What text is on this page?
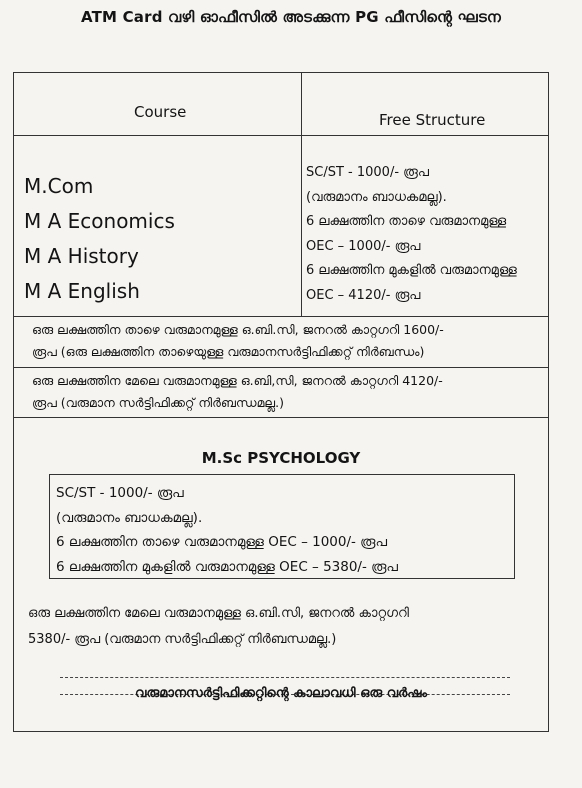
ATM Card വഴി ഓഫീസിൽ അടക്കുന്ന PG ഫീസിന്റെ ഘടന
Course	Free Structure
M.Com
M A Economics
M A History
M A English
SC/ST - 1000/- രൂപ
(വരുമാനം ബാധകമല്ല).
6 ലക്ഷത്തിന താഴെ വരുമാനമുള്ള
OEC – 1000/- രൂപ
6 ലക്ഷത്തിന മുകളിൽ വരുമാനമുള്ള
OEC – 4120/- രൂപ
ഒരു ലക്ഷത്തിന താഴെ വരുമാനമുള്ള ഒ.ബി.സി, ജനറൽ കാറ്റഗറി 1600/-
രൂപ (ഒരു ലക്ഷത്തിന താഴെയുള്ള വരുമാനസർട്ടിഫിക്കറ്റ് നിർബന്ധം)
ഒരു ലക്ഷത്തിന മേലെ വരുമാനമുള്ള ഒ.ബി,സി, ജനറൽ കാറ്റഗറി 4120/-
രൂപ (വരുമാന സർട്ടിഫിക്കറ്റ് നിർബന്ധമല്ല.)
M.Sc PSYCHOLOGY
SC/ST - 1000/- രൂപ
(വരുമാനം ബാധകമല്ല).
6 ലക്ഷത്തിന താഴെ വരുമാനമുള്ള OEC – 1000/- രൂപ
6 ലക്ഷത്തിന മുകളിൽ വരുമാനമുള്ള OEC – 5380/- രൂപ
ഒരു ലക്ഷത്തിന മേലെ വരുമാനമുള്ള ഒ.ബി.സി, ജനറൽ കാറ്റഗറി
5380/- രൂപ (വരുമാന സർട്ടിഫിക്കറ്റ് നിർബന്ധമല്ല.)
വരുമാനസർട്ടിഫിക്കറ്റിന്റെ കാലാവധി ഒരു വർഷം
